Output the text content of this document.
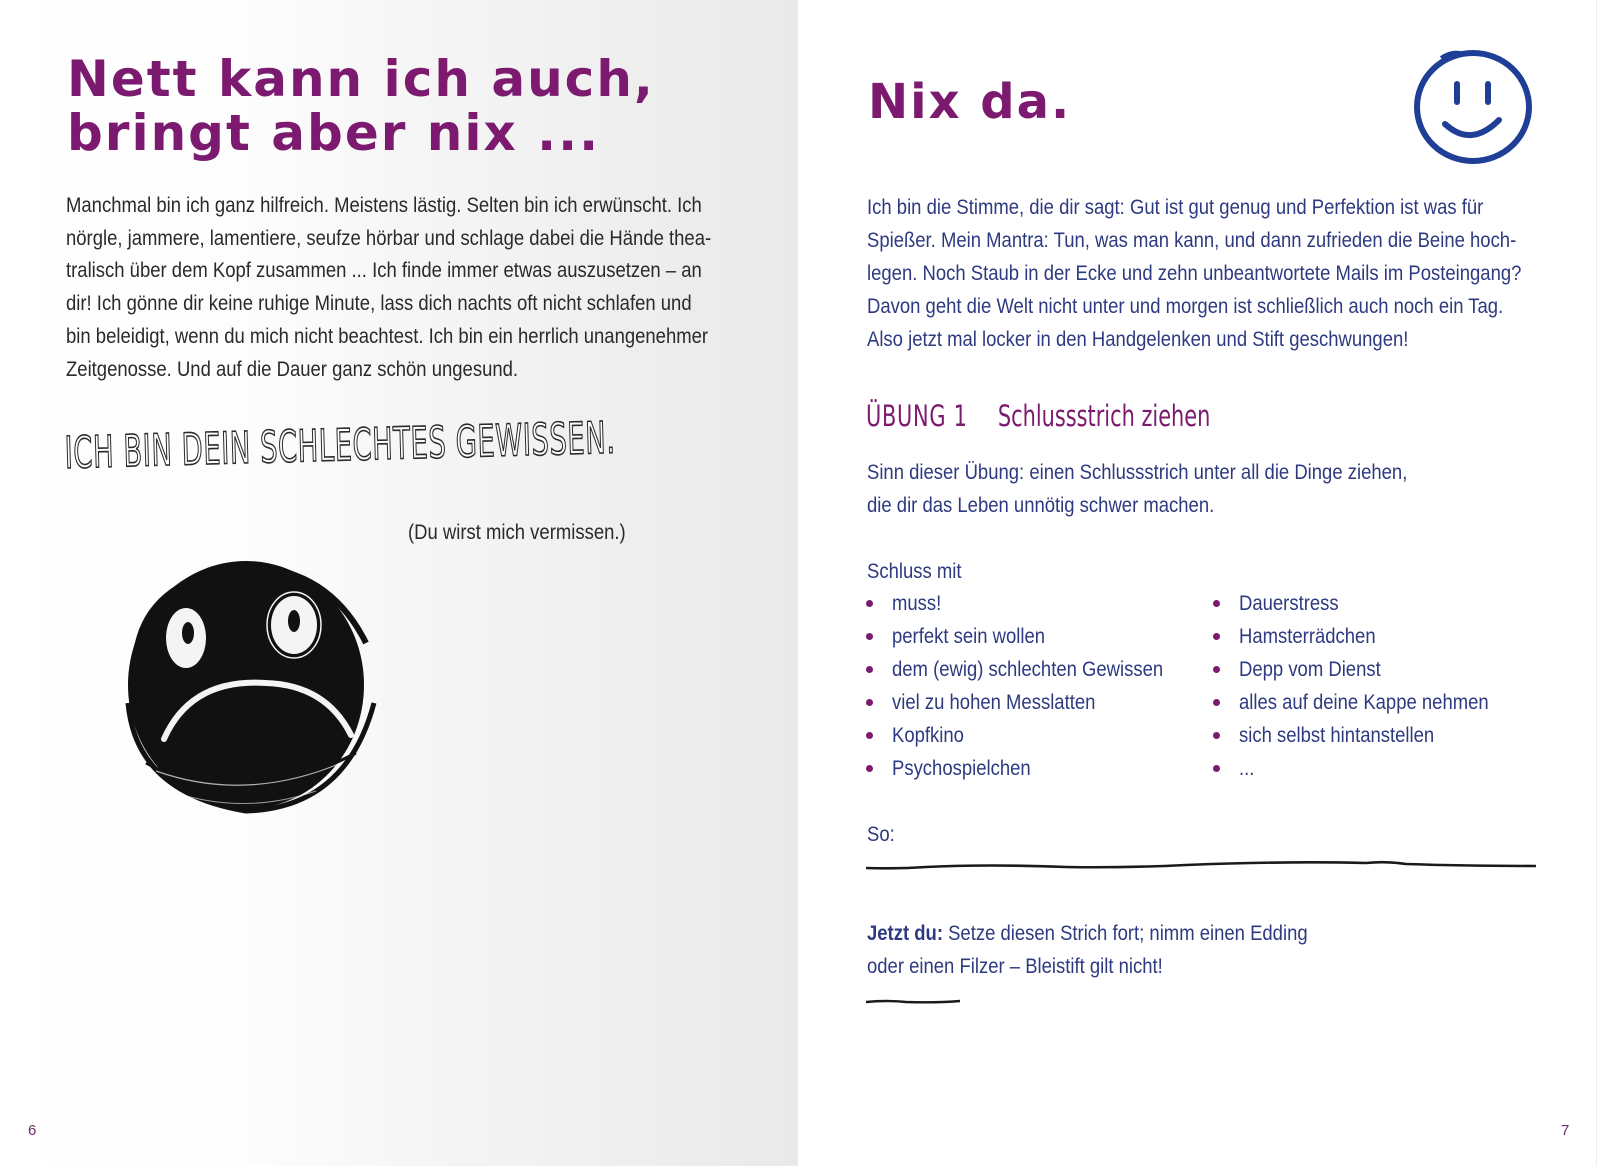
Nett kann ich auch,
bringt aber nix ...
Manchmal bin ich ganz hilfreich. Meistens lästig. Selten bin ich erwünscht. Ich
nörgle, jammere, lamentiere, seufze hörbar und schlage dabei die Hände thea-
tralisch über dem Kopf zusammen ... Ich finde immer etwas auszusetzen – an
dir! Ich gönne dir keine ruhige Minute, lass dich nachts oft nicht schlafen und
bin beleidigt, wenn du mich nicht beachtest. Ich bin ein herrlich unangenehmer
Zeitgenosse. Und auf die Dauer ganz schön ungesund.
ICH BIN DEIN SCHLECHTES GEWISSEN.
(Du wirst mich vermissen.)
6
Nix da.
Ich bin die Stimme, die dir sagt: Gut ist gut genug und Perfektion ist was für
Spießer. Mein Mantra: Tun, was man kann, und dann zufrieden die Beine hoch-
legen. Noch Staub in der Ecke und zehn unbeantwortete Mails im Posteingang?
Davon geht die Welt nicht unter und morgen ist schließlich auch noch ein Tag.
Also jetzt mal locker in den Handgelenken und Stift geschwungen!
ÜBUNG 1 Schlussstrich ziehen
Sinn dieser Übung: einen Schlussstrich unter all die Dinge ziehen,
die dir das Leben unnötig schwer machen.
Schluss mit
muss!
perfekt sein wollen
dem (ewig) schlechten Gewissen
viel zu hohen Messlatten
Kopfkino
Psychospielchen
Dauerstress
Hamsterrädchen
Depp vom Dienst
alles auf deine Kappe nehmen
sich selbst hintanstellen
...
So:
Jetzt du: Setze diesen Strich fort; nimm einen Edding
oder einen Filzer – Bleistift gilt nicht!
7
